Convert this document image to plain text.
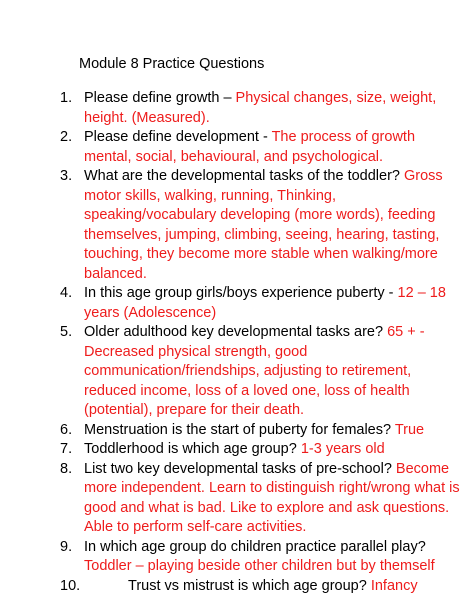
Module 8 Practice Questions
1. Please define growth – Physical changes, size, weight, height. (Measured).
2. Please define development - The process of growth mental, social, behavioural, and psychological.
3. What are the developmental tasks of the toddler? Gross motor skills, walking, running, Thinking, speaking/vocabulary developing (more words), feeding themselves, jumping, climbing, seeing, hearing, tasting, touching, they become more stable when walking/more balanced.
4. In this age group girls/boys experience puberty - 12 – 18 years (Adolescence)
5. Older adulthood key developmental tasks are? 65 + - Decreased physical strength, good communication/friendships, adjusting to retirement, reduced income, loss of a loved one, loss of health (potential), prepare for their death.
6. Menstruation is the start of puberty for females? True
7. Toddlerhood is which age group? 1-3 years old
8. List two key developmental tasks of pre-school? Become more independent. Learn to distinguish right/wrong what is good and what is bad. Like to explore and ask questions. Able to perform self-care activities.
9. In which age group do children practice parallel play? Toddler – playing beside other children but by themself
10.	Trust vs mistrust is which age group? Infancy
